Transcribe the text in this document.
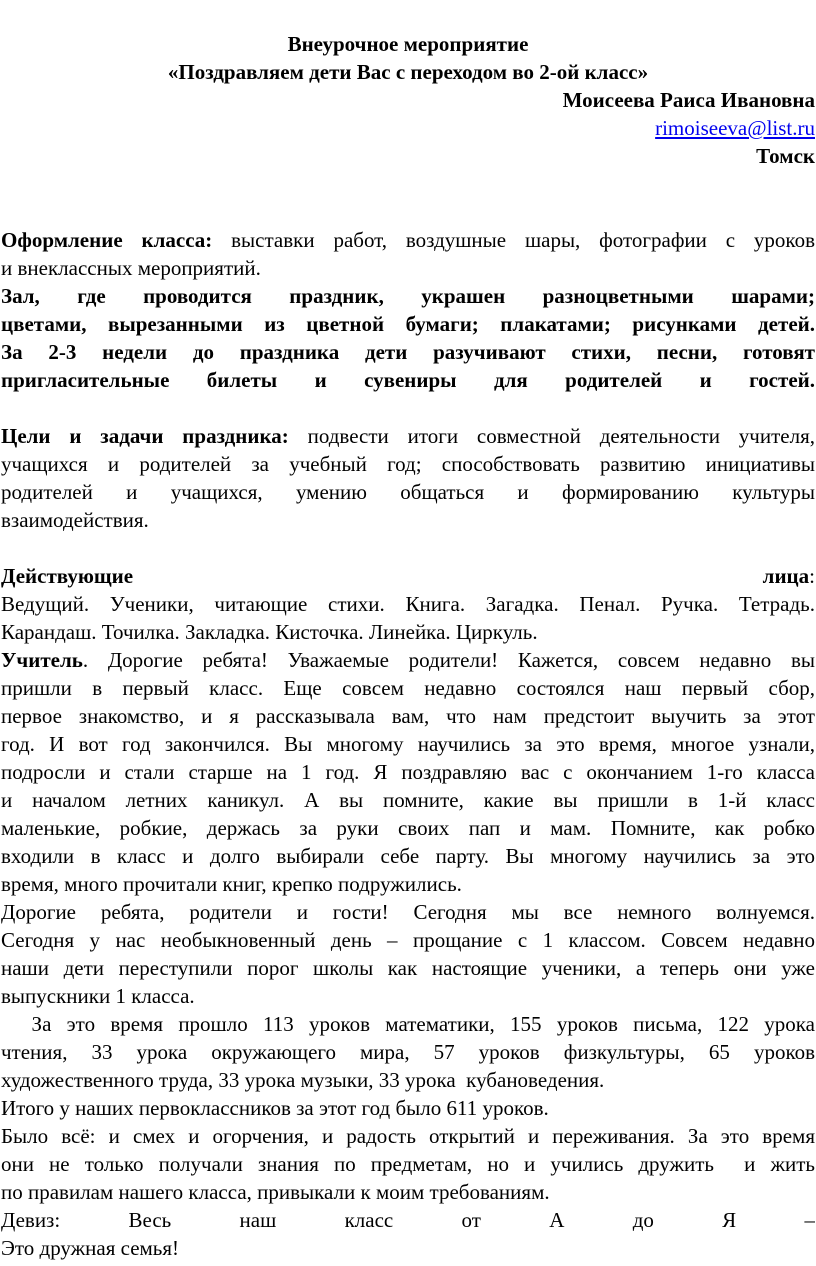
Внеурочное мероприятие
«Поздравляем дети Вас с переходом во 2-ой класс»
Моисеева Раиса Ивановна
rimoiseeva@list.ru
Томск
Оформление класса: выставки работ, воздушные шары, фотографии с уроков
и внеклассных мероприятий.
Зал, где проводится праздник, украшен разноцветными шарами;
цветами, вырезанными из цветной бумаги; плакатами; рисунками детей.
За 2-3 недели до праздника дети разучивают стихи, песни, готовят
пригласительные билеты и сувениры для родителей и гостей.
Цели и задачи праздника: подвести итоги совместной деятельности учителя,
учащихся и родителей за учебный год; способствовать развитию инициативы
родителей и учащихся, умению общаться и формированию культуры
взаимодействия.
Действующие	лица:
Ведущий. Ученики, читающие стихи. Книга. Загадка. Пенал. Ручка. Тетрадь.
Карандаш. Точилка. Закладка. Кисточка. Линейка. Циркуль.
Учитель. Дорогие ребята! Уважаемые родители! Кажется, совсем недавно вы
пришли в первый класс. Еще совсем недавно состоялся наш первый сбор,
первое знакомство, и я рассказывала вам, что нам предстоит выучить за этот
год. И вот год закончился. Вы многому научились за это время, многое узнали,
подросли и стали старше на 1 год. Я поздравляю вас с окончанием 1-го класса
и началом летних каникул. А вы помните, какие вы пришли в 1-й класс
маленькие, робкие, держась за руки своих пап и мам. Помните, как робко
входили в класс и долго выбирали себе парту. Вы многому научились за это
время, много прочитали книг, крепко подружились.
Дорогие ребята, родители и гости! Сегодня мы все немного волнуемся.
Сегодня у нас необыкновенный день – прощание с 1 классом. Совсем недавно
наши дети переступили порог школы как настоящие ученики, а теперь они уже
выпускники 1 класса.
За это время прошло 113 уроков математики, 155 уроков письма, 122 урока
чтения, 33 урока окружающего мира, 57 уроков физкультуры, 65 уроков
художественного труда, 33 урока музыки, 33 урока  кубановедения.
Итого у наших первоклассников за этот год было 611 уроков.
Было всё: и смех и огорчения, и радость открытий и переживания. За это время
они не только получали знания по предметам, но и учились дружить  и жить
по правилам нашего класса, привыкали к моим требованиям.
Девиз: Весь наш класс от А до Я –
Это дружная семья!
